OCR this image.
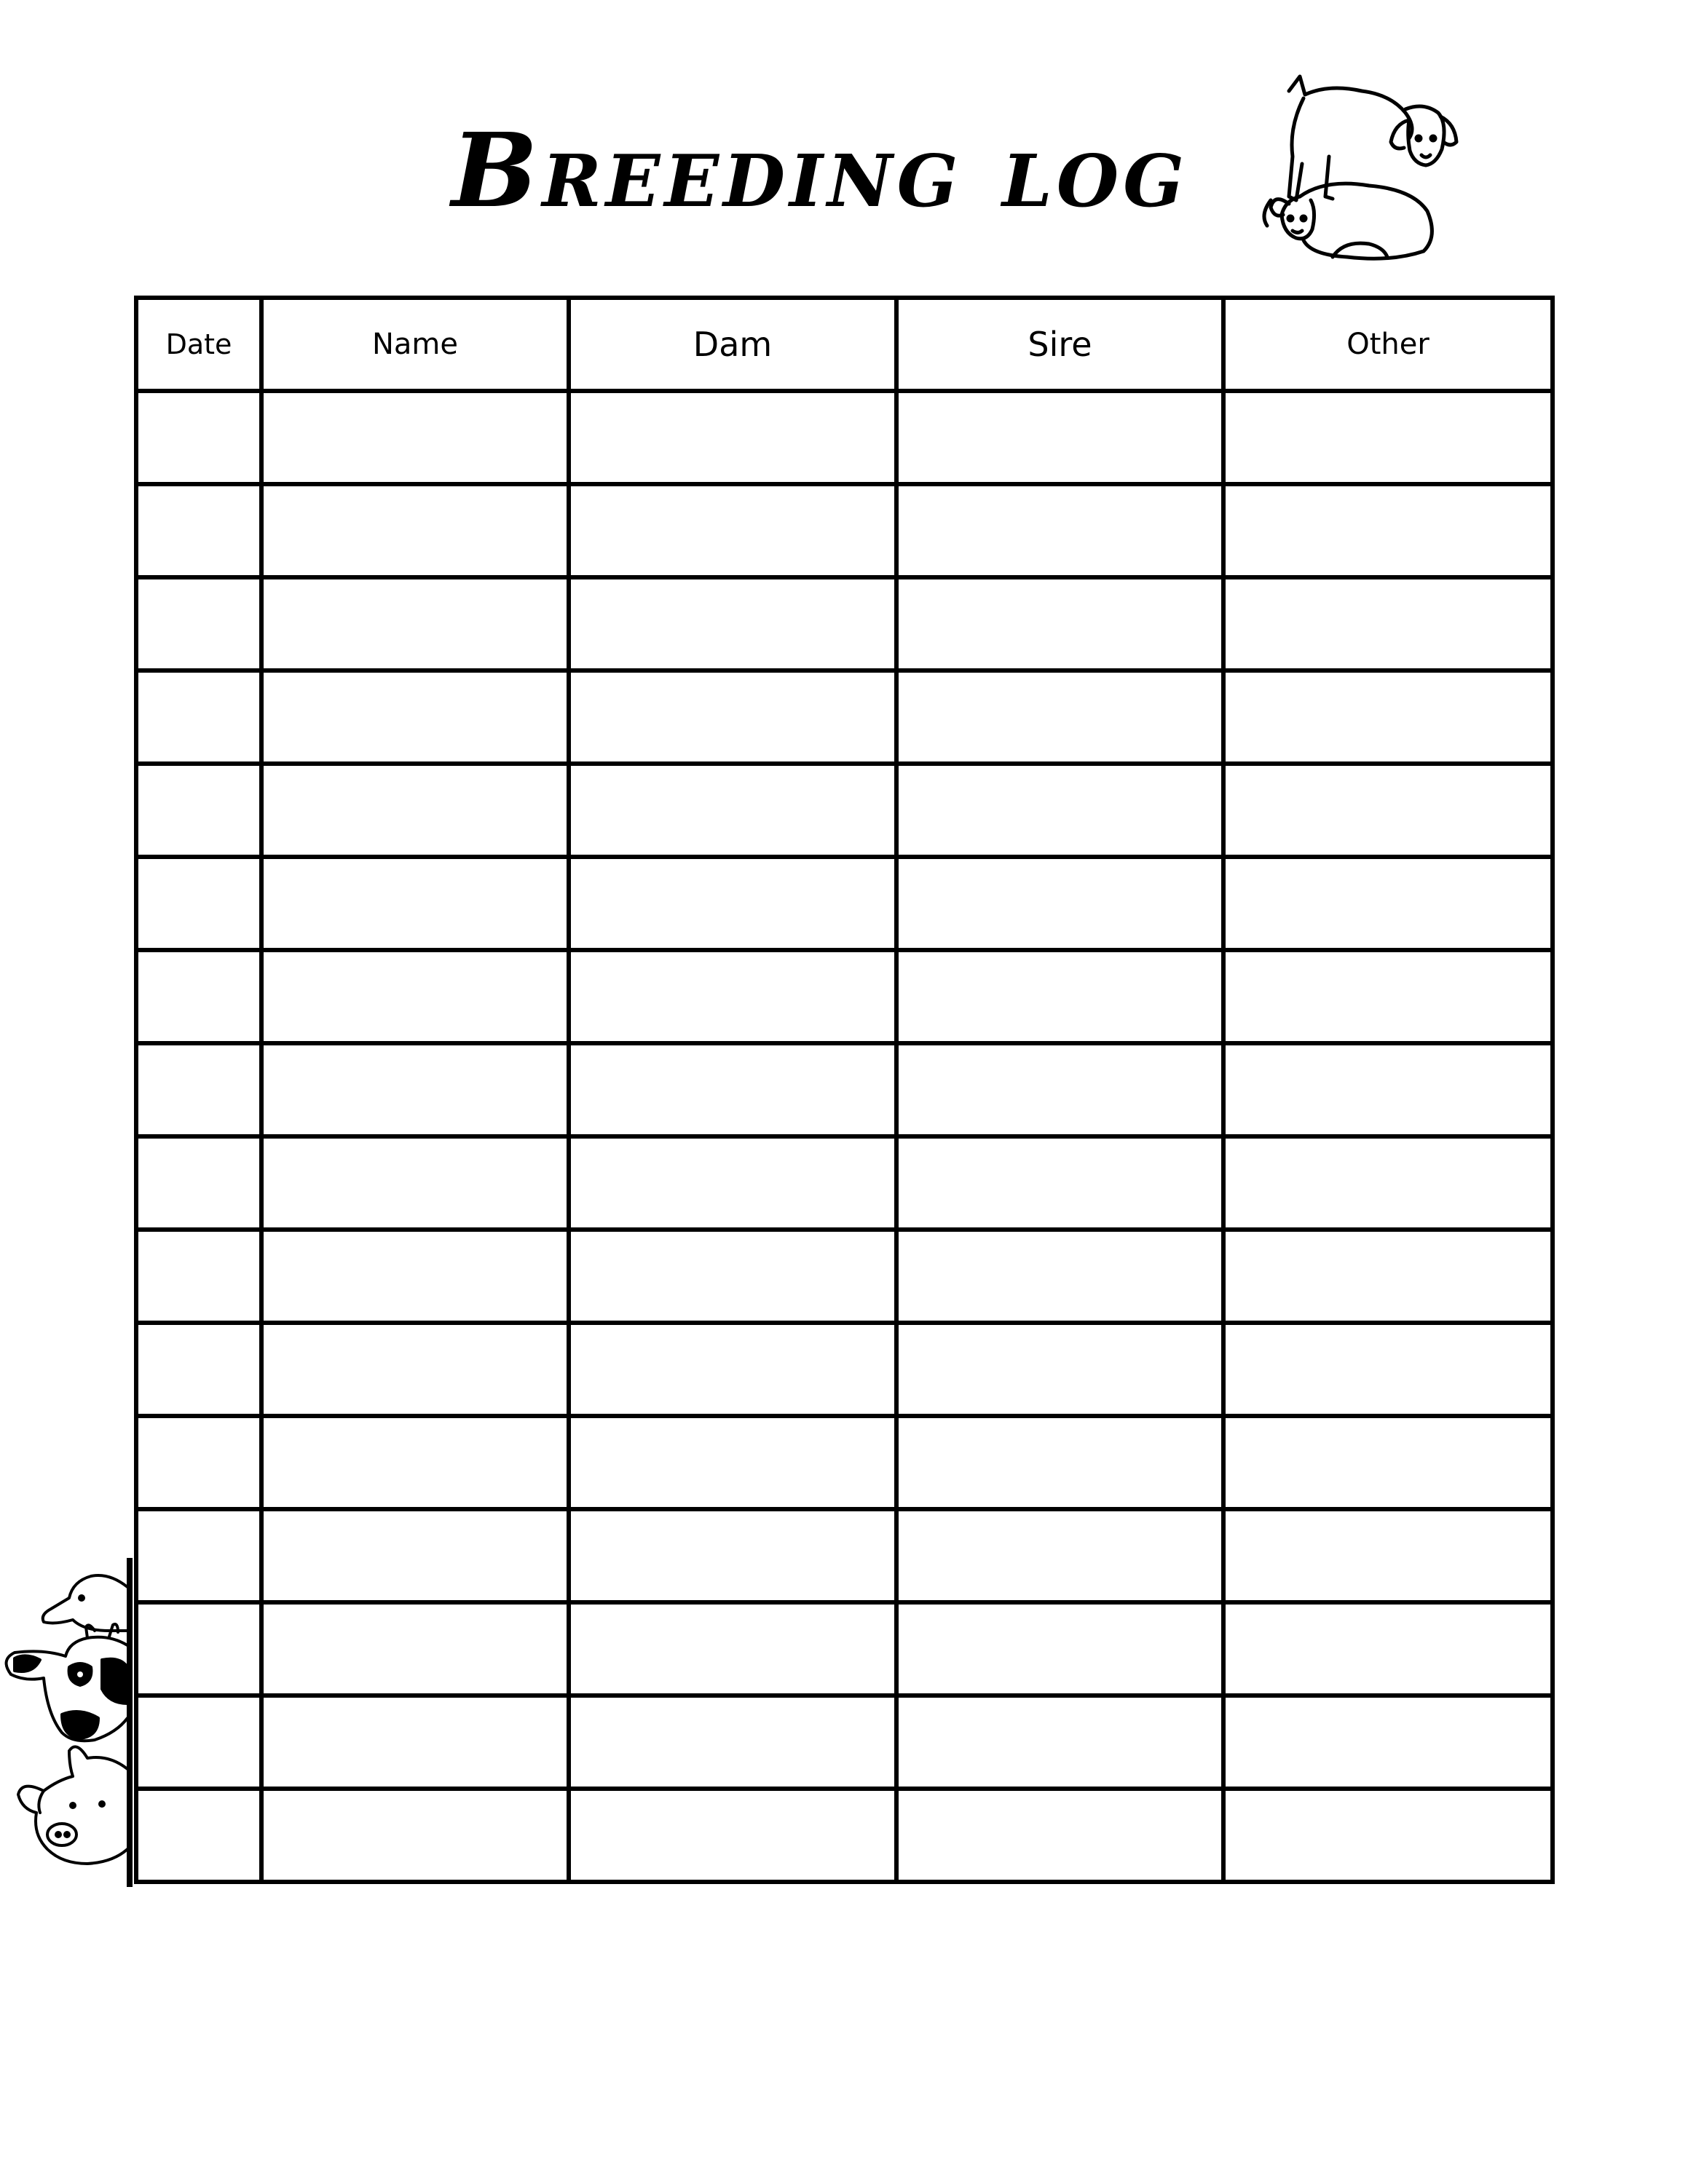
Breeding log
Date	Name	Dam	Sire	Other
